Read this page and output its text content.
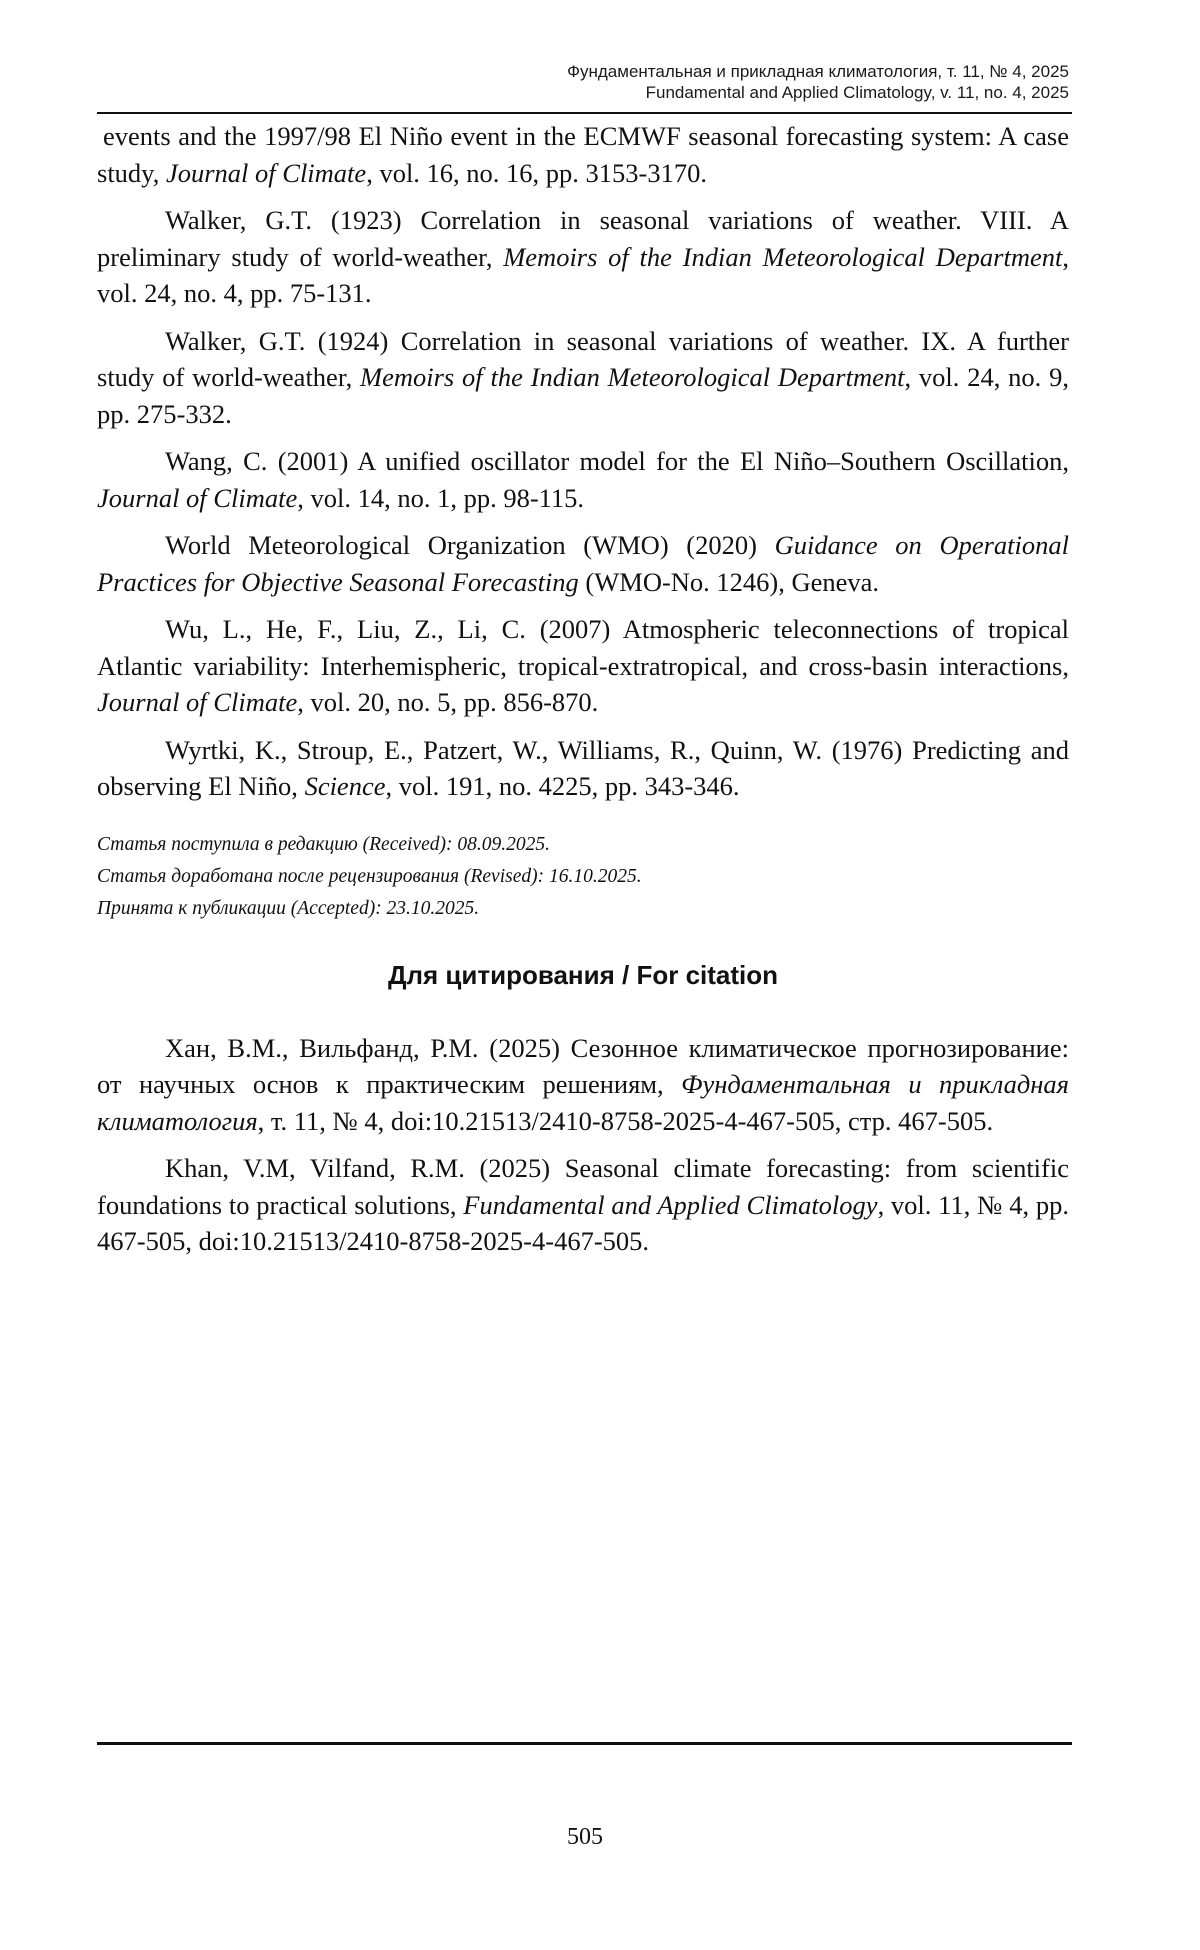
Фундаментальная и прикладная климатология, т. 11, № 4, 2025
Fundamental and Applied Climatology, v. 11, no. 4, 2025

events and the 1997/98 El Niño event in the ECMWF seasonal forecasting system: A case study, Journal of Climate, vol. 16, no. 16, pp. 3153-3170.

Walker, G.T. (1923) Correlation in seasonal variations of weather. VIII. A preliminary study of world-weather, Memoirs of the Indian Meteorological Department, vol. 24, no. 4, pp. 75-131.

Walker, G.T. (1924) Correlation in seasonal variations of weather. IX. A further study of world-weather, Memoirs of the Indian Meteorological Department, vol. 24, no. 9, pp. 275-332.

Wang, C. (2001) A unified oscillator model for the El Niño–Southern Oscillation, Journal of Climate, vol. 14, no. 1, pp. 98-115.

World Meteorological Organization (WMO) (2020) Guidance on Operational Practices for Objective Seasonal Forecasting (WMO-No. 1246), Geneva.

Wu, L., He, F., Liu, Z., Li, C. (2007) Atmospheric teleconnections of tropical Atlantic variability: Interhemispheric, tropical-extratropical, and cross-basin interactions, Journal of Climate, vol. 20, no. 5, pp. 856-870.

Wyrtki, K., Stroup, E., Patzert, W., Williams, R., Quinn, W. (1976) Predicting and observing El Niño, Science, vol. 191, no. 4225, pp. 343-346.

Статья поступила в редакцию (Received): 08.09.2025.

Статья доработана после рецензирования (Revised): 16.10.2025.

Принята к публикации (Accepted): 23.10.2025.

Для цитирования / For citation

Хан, В.М., Вильфанд, Р.М. (2025) Сезонное климатическое прогнозирование: от научных основ к практическим решениям, Фундаментальная и прикладная климатология, т. 11, № 4, doi:10.21513/2410-8758-2025-4-467-505, стр. 467-505.

Khan, V.M, Vilfand, R.M. (2025) Seasonal climate forecasting: from scientific foundations to practical solutions, Fundamental and Applied Climatology, vol. 11, № 4, pp. 467-505, doi:10.21513/2410-8758-2025-4-467-505.

505
